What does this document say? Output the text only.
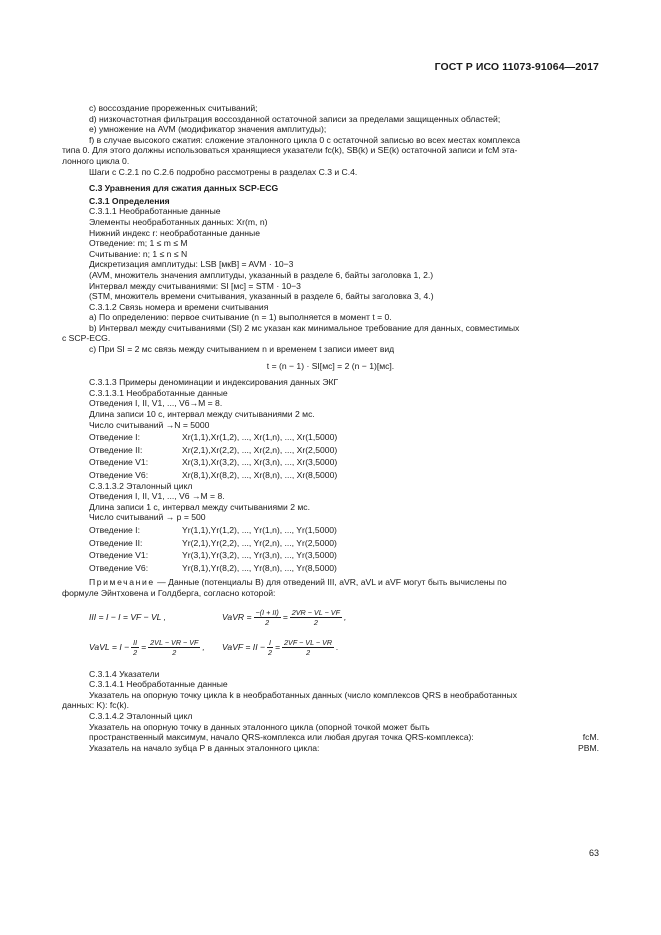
ГОСТ Р ИСО 11073-91064—2017
c) воссоздание прореженных считываний;
d) низкочастотная фильтрация воссозданной остаточной записи за пределами защищенных областей;
e) умножение на AVM (модификатор значения амплитуды);
f) в случае высокого сжатия: сложение эталонного цикла 0 с остаточной записью во всех местах комплекса
типа 0. Для этого должны использоваться хранящиеся указатели fc(k), SB(k) и SE(k) остаточной записи и fcM эта-
лонного цикла 0.
Шаги с С.2.1 по С.2.6 подробно рассмотрены в разделах С.3 и С.4.
С.3 Уравнения для сжатия данных SCP-ECG
С.3.1 Определения
С.3.1.1 Необработанные данные
Элементы необработанных данных: Xr(m, n)
Нижний индекс r: необработанные данные
Отведение: m; 1 ≤ m ≤ M
Считывание: n; 1 ≤ n ≤ N
Дискретизация амплитуды: LSB [мкВ] = AVM · 10−3
(AVM, множитель значения амплитуды, указанный в разделе 6, байты заголовка 1, 2.)
Интервал между считываниями: SI [мс] = STM · 10−3
(STM, множитель времени считывания, указанный в разделе 6, байты заголовка 3, 4.)
С.3.1.2 Связь номера и времени считывания
a) По определению: первое считывание (n = 1) выполняется в момент t = 0.
b) Интервал между считываниями (SI) 2 мс указан как минимальное требование для данных, совместимых
с SCP-ECG.
c) При SI = 2 мс связь между считыванием n и временем t записи имеет вид
t = (n − 1) · SI[мс] = 2 (n − 1)[мс].
С.3.1.3 Примеры деноминации и индексирования данных ЭКГ
С.3.1.3.1 Необработанные данные
Отведения I, II, V1, ..., V6→M = 8.
Длина записи 10 с, интервал между считываниями 2 мс.
Число считываний →N = 5000
Отведение I:	Xr(1,1),Xr(1,2), ..., Xr(1,n), ..., Xr(1,5000)
Отведение II:	Xr(2,1),Xr(2,2), ..., Xr(2,n), ..., Xr(2,5000)
Отведение V1:	Xr(3,1),Xr(3,2), ..., Xr(3,n), ..., Xr(3,5000)
Отведение V6:	Xr(8,1),Xr(8,2), ..., Xr(8,n), ..., Xr(8,5000)
С.3.1.3.2 Эталонный цикл
Отведения I, II, V1, ..., V6 →M = 8.
Длина записи 1 с, интервал между считываниями 2 мс.
Число считываний → p = 500
Отведение I:	Yr(1,1),Yr(1,2), ..., Yr(1,n), ..., Yr(1,5000)
Отведение II:	Yr(2,1),Yr(2,2), ..., Yr(2,n), ..., Yr(2,5000)
Отведение V1:	Yr(3,1),Yr(3,2), ..., Yr(3,n), ..., Yr(3,5000)
Отведение V6:	Yr(8,1),Yr(8,2), ..., Yr(8,n), ..., Yr(8,5000)
Примечание — Данные (потенциалы В) для отведений III, aVR, aVL и aVF могут быть вычислены по
формуле Эйнтховена и Голдберга, согласно которой:
III = I − I = VF − VL ,	VaVR = $\frac{-(I + II)}{2} = \frac{2VR - VL - VF}{2}$ ,
VaVL = $I - \frac{II}{2} = \frac{2VL - VR - VF}{2}$ , VaVF = II − $\frac{I}{2} = \frac{2VF - VL - VR}{2}$ .
С.3.1.4 Указатели
С.3.1.4.1 Необработанные данные
Указатель на опорную точку цикла k в необработанных данных (число комплексов QRS в необработанных
данных: K): fc(k).
С.3.1.4.2 Эталонный цикл
Указатель на опорную точку в данных эталонного цикла (опорной точкой может быть
пространственный максимум, начало QRS-комплекса или любая другая точка QRS-комплекса):	fcM.
Указатель на начало зубца P в данных эталонного цикла:	PBM.
63
